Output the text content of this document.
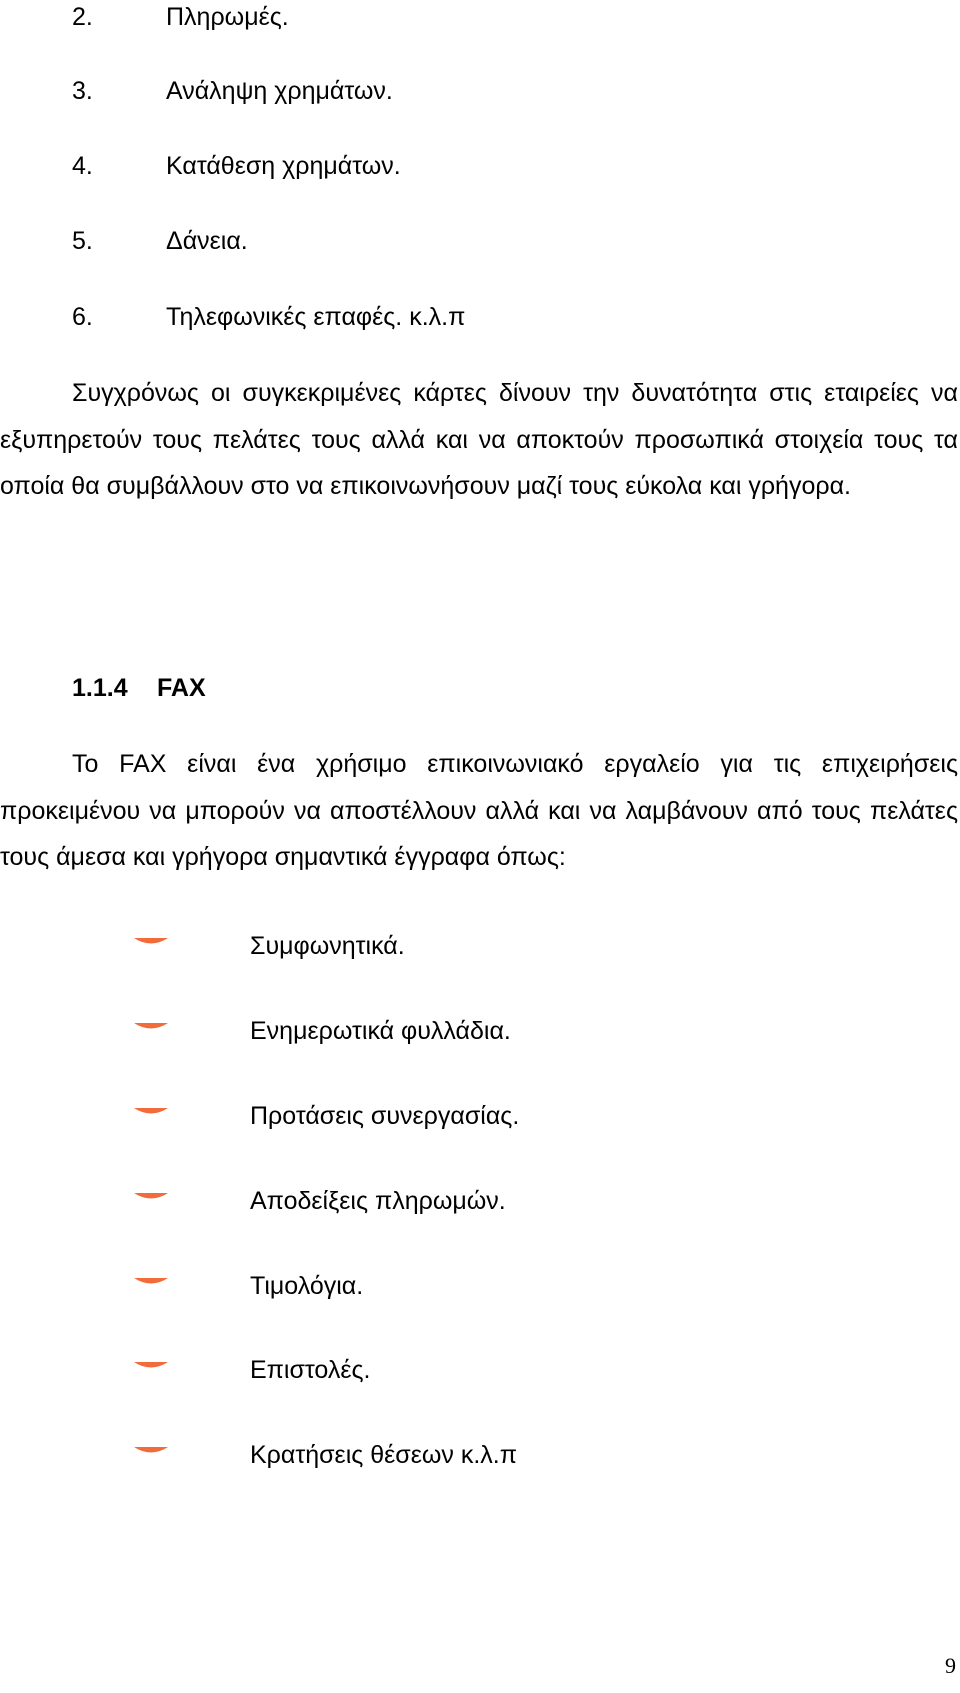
2.	Πληρωμές.
3.	Ανάληψη χρημάτων.
4.	Κατάθεση χρημάτων.
5.	Δάνεια.
6.	Τηλεφωνικές επαφές. κ.λ.π

Συγχρόνως οι συγκεκριμένες κάρτες δίνουν την δυνατότητα στις εταιρείες να εξυπηρετούν τους πελάτες τους αλλά και να αποκτούν προσωπικά στοιχεία τους τα οποία θα συμβάλλουν στο να επικοινωνήσουν μαζί τους εύκολα και γρήγορα.

1.1.4 FAX

Το FAX είναι ένα χρήσιμο επικοινωνιακό εργαλείο για τις επιχειρήσεις προκειμένου να μπορούν να αποστέλλουν αλλά και να λαμβάνουν από τους πελάτες τους άμεσα και γρήγορα σημαντικά έγγραφα όπως:

Συμφωνητικά.
Ενημερωτικά φυλλάδια.
Προτάσεις συνεργασίας.
Αποδείξεις πληρωμών.
Τιμολόγια.
Επιστολές.
Κρατήσεις θέσεων κ.λ.π
9
